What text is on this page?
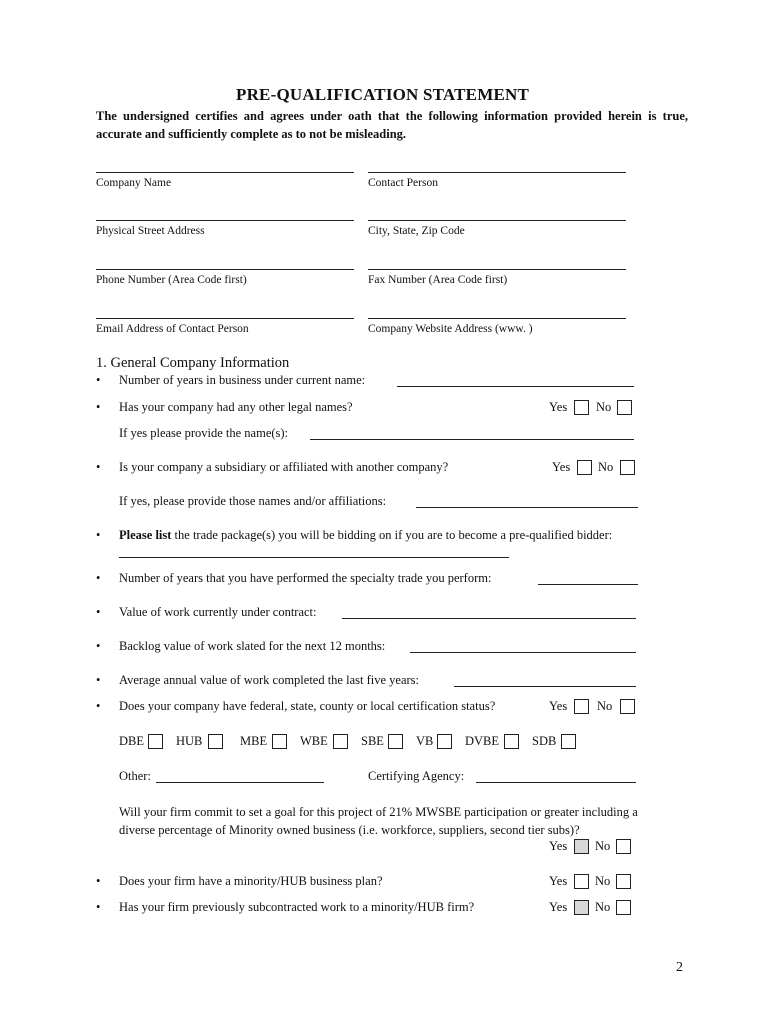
PRE-QUALIFICATION STATEMENT
The undersigned certifies and agrees under oath that the following information provided herein is true, accurate and sufficiently complete as to not be misleading.
Company Name	Contact Person
Physical Street Address	City, State, Zip Code
Phone Number (Area Code first)	Fax Number (Area Code first)
Email Address of Contact Person	Company Website Address (www. )
1. General Company Information
• Number of years in business under current name:
• Has your company had any other legal names?	Yes No
If yes please provide the name(s):
• Is your company a subsidiary or affiliated with another company?	Yes No
If yes, please provide those names and/or affiliations:
• Please list the trade package(s) you will be bidding on if you are to become a pre-qualified bidder:
• Number of years that you have performed the specialty trade you perform:
• Value of work currently under contract:
• Backlog value of work slated for the next 12 months:
• Average annual value of work completed the last five years:
• Does your company have federal, state, county or local certification status?	Yes No
DBE	HUB	MBE	WBE	SBE	VB	DVBE	SDB
Other:	Certifying Agency:
Will your firm commit to set a goal for this project of 21% MWSBE participation or greater including a diverse percentage of Minority owned business (i.e. workforce, suppliers, second tier subs)?
Yes No
• Does your firm have a minority/HUB business plan?	Yes No
• Has your firm previously subcontracted work to a minority/HUB firm?	Yes No
2
